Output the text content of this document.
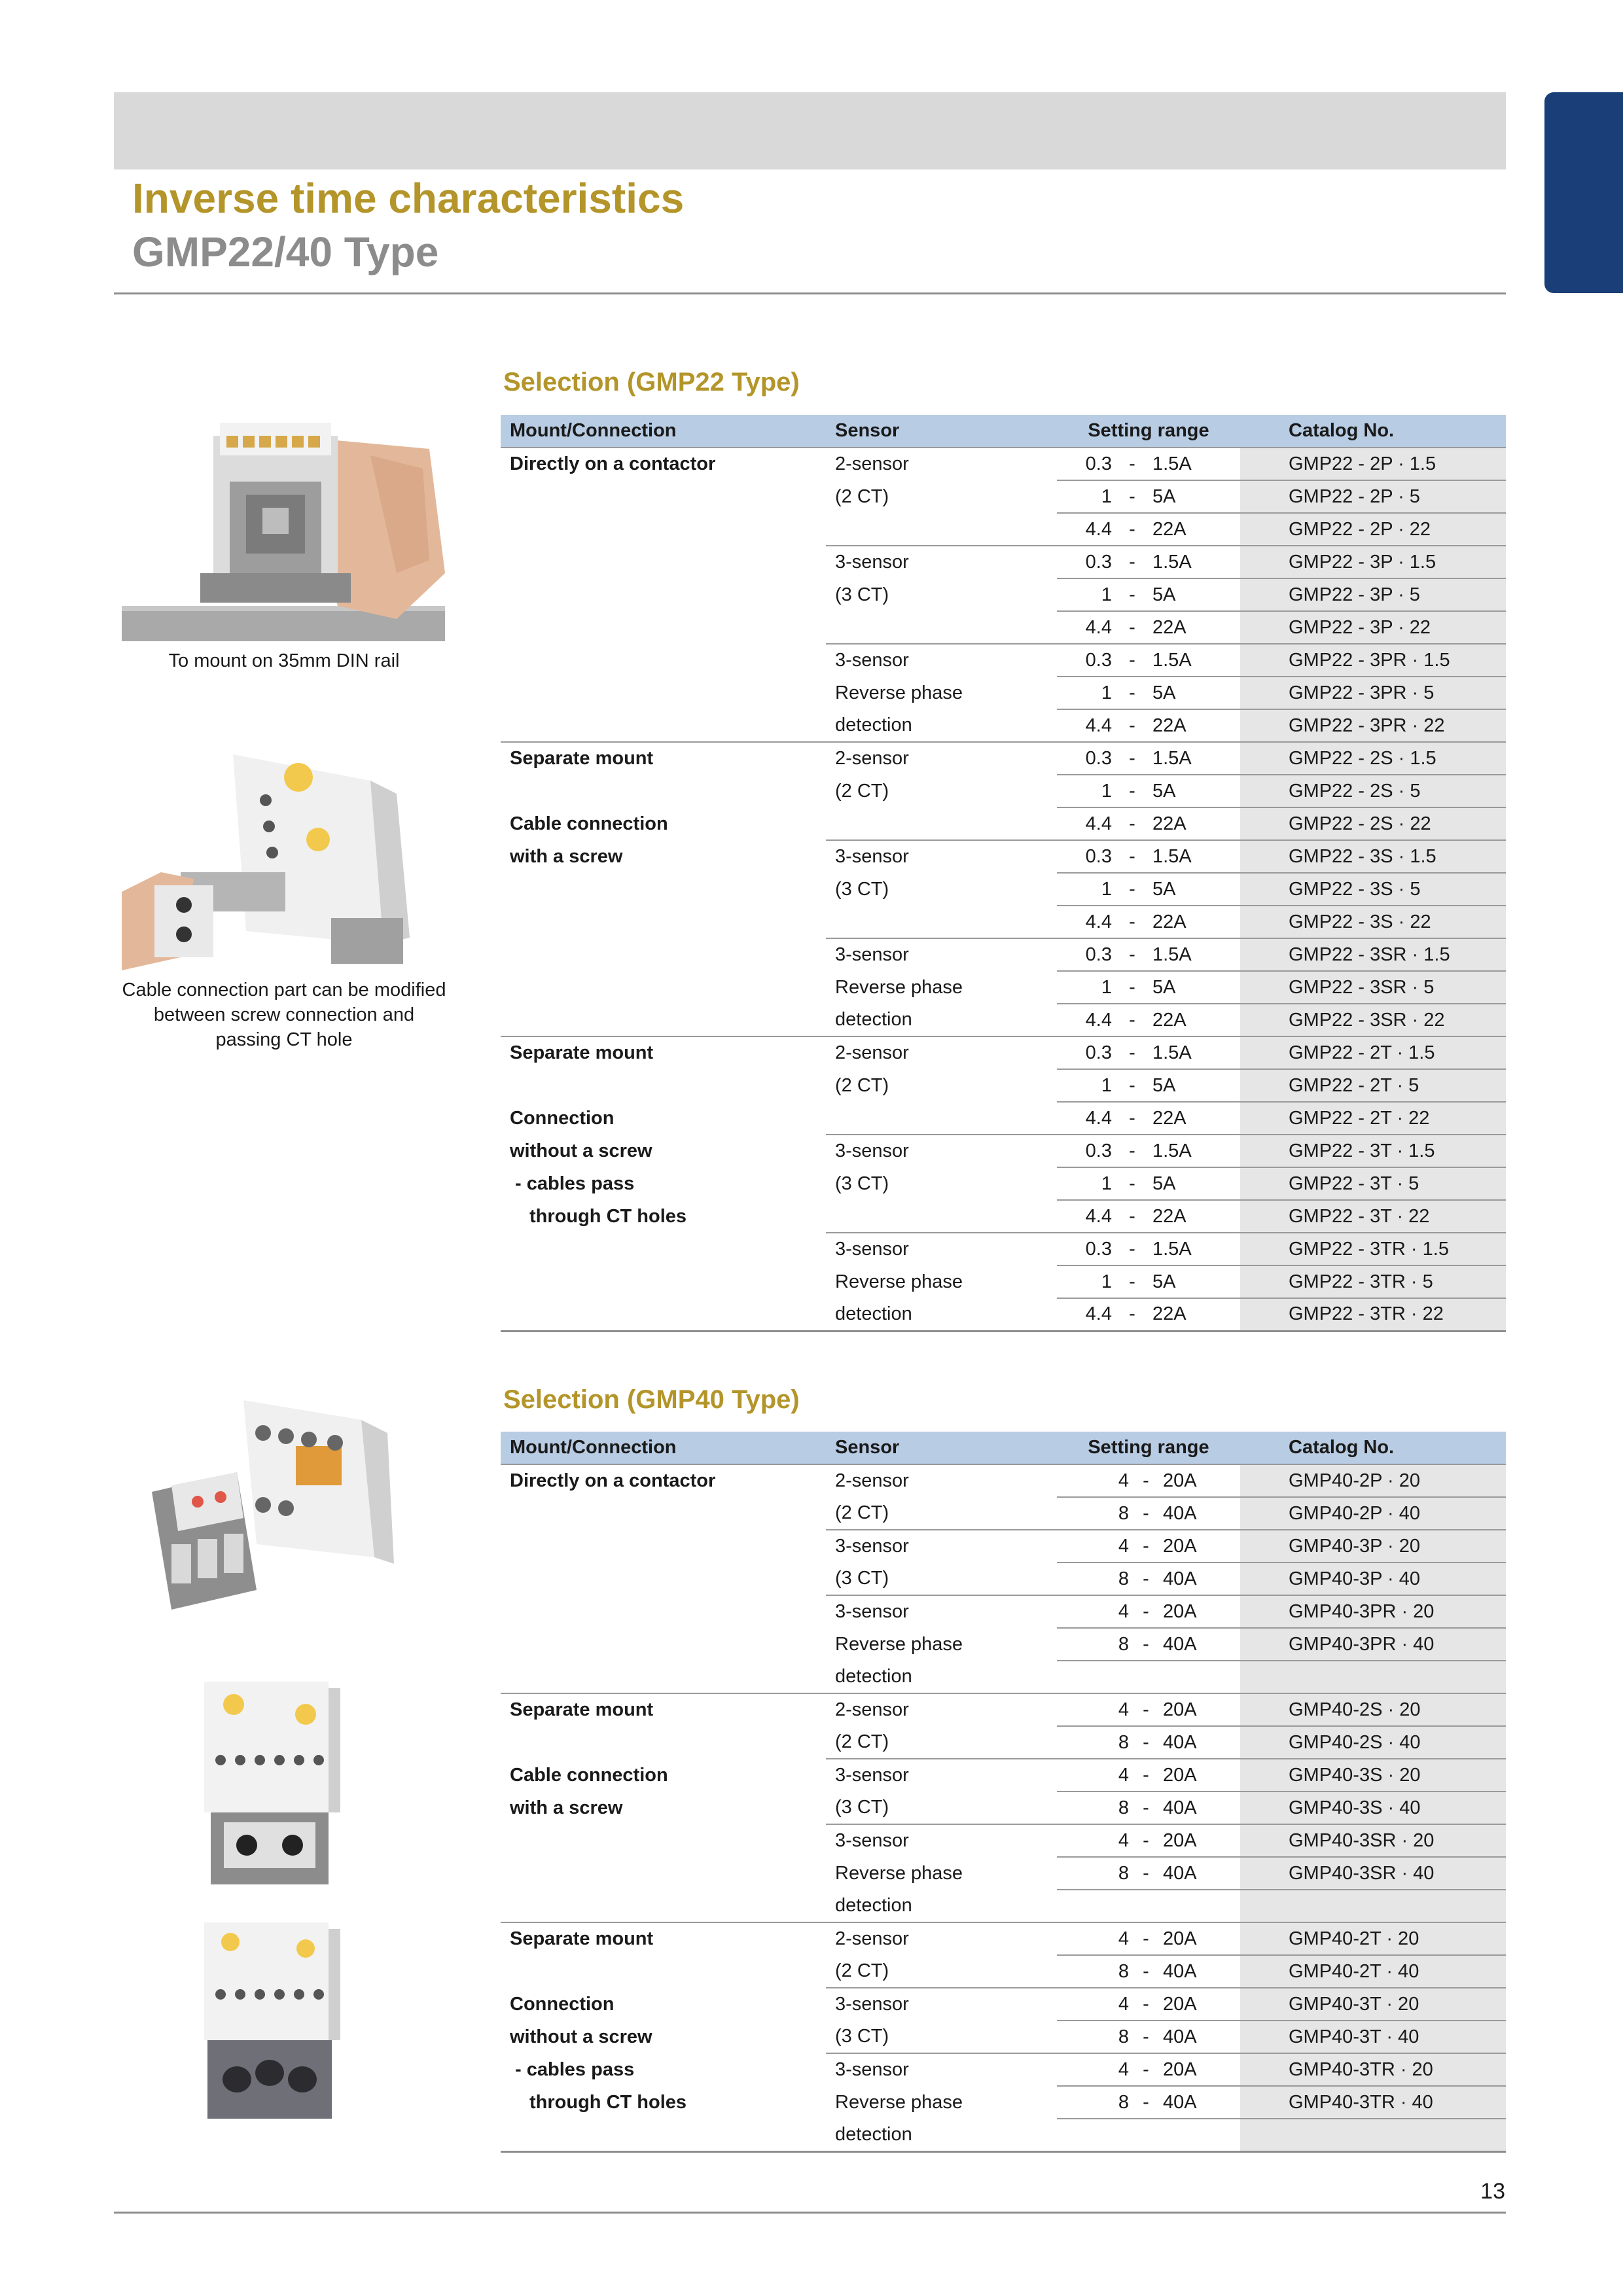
Inverse time characteristics
GMP22/40 Type
To mount on 35mm DIN rail
Cable connection part can be modified
between screw connection and
passing CT hole
Selection (GMP22 Type)
Mount/Connection	Sensor	Setting range	Catalog No.
Directly on a contactor	2-sensor	0.3 - 1.5A	GMP22 - 2P · 1.5
	(2 CT)	1 - 5A	GMP22 - 2P · 5

		4.4 - 22A	GMP22 - 2P · 22
	3-sensor	0.3 - 1.5A	GMP22 - 3P · 1.5
	(3 CT)	1 - 5A	GMP22 - 3P · 5

		4.4 - 22A	GMP22 - 3P · 22
	3-sensor	0.3 - 1.5A	GMP22 - 3PR · 1.5
	Reverse phase	1 - 5A	GMP22 - 3PR · 5
	detection	4.4 - 22A	GMP22 - 3PR · 22
Separate mount	2-sensor	0.3 - 1.5A	GMP22 - 2S · 1.5
	(2 CT)	1 - 5A	GMP22 - 2S · 5
Cable connection		4.4 - 22A	GMP22 - 2S · 22
with a screw	3-sensor	0.3 - 1.5A	GMP22 - 3S · 1.5
	(3 CT)	1 - 5A	GMP22 - 3S · 5

		4.4 - 22A	GMP22 - 3S · 22
	3-sensor	0.3 - 1.5A	GMP22 - 3SR · 1.5
	Reverse phase	1 - 5A	GMP22 - 3SR · 5
	detection	4.4 - 22A	GMP22 - 3SR · 22
Separate mount	2-sensor	0.3 - 1.5A	GMP22 - 2T · 1.5
	(2 CT)	1 - 5A	GMP22 - 2T · 5
Connection		4.4 - 22A	GMP22 - 2T · 22
without a screw	3-sensor	0.3 - 1.5A	GMP22 - 3T · 1.5
- cables pass	(3 CT)	1 - 5A	GMP22 - 3T · 5
through CT holes		4.4 - 22A	GMP22 - 3T · 22
	3-sensor	0.3 - 1.5A	GMP22 - 3TR · 1.5
	Reverse phase	1 - 5A	GMP22 - 3TR · 5
	detection	4.4 - 22A	GMP22 - 3TR · 22
Selection (GMP40 Type)
Mount/Connection	Sensor	Setting range	Catalog No.
Directly on a contactor	2-sensor	4 - 20A	GMP40-2P · 20
	(2 CT)	8 - 40A	GMP40-2P · 40
	3-sensor	4 - 20A	GMP40-3P · 20
	(3 CT)	8 - 40A	GMP40-3P · 40
	3-sensor	4 - 20A	GMP40-3PR · 20
	Reverse phase	8 - 40A	GMP40-3PR · 40
	detection		
Separate mount	2-sensor	4 - 20A	GMP40-2S · 20
	(2 CT)	8 - 40A	GMP40-2S · 40
Cable connection	3-sensor	4 - 20A	GMP40-3S · 20
with a screw	(3 CT)	8 - 40A	GMP40-3S · 40
	3-sensor	4 - 20A	GMP40-3SR · 20
	Reverse phase	8 - 40A	GMP40-3SR · 40
	detection		
Separate mount	2-sensor	4 - 20A	GMP40-2T · 20
	(2 CT)	8 - 40A	GMP40-2T · 40
Connection	3-sensor	4 - 20A	GMP40-3T · 20
without a screw	(3 CT)	8 - 40A	GMP40-3T · 40
- cables pass	3-sensor	4 - 20A	GMP40-3TR · 20
through CT holes	Reverse phase	8 - 40A	GMP40-3TR · 40
	detection		
13
